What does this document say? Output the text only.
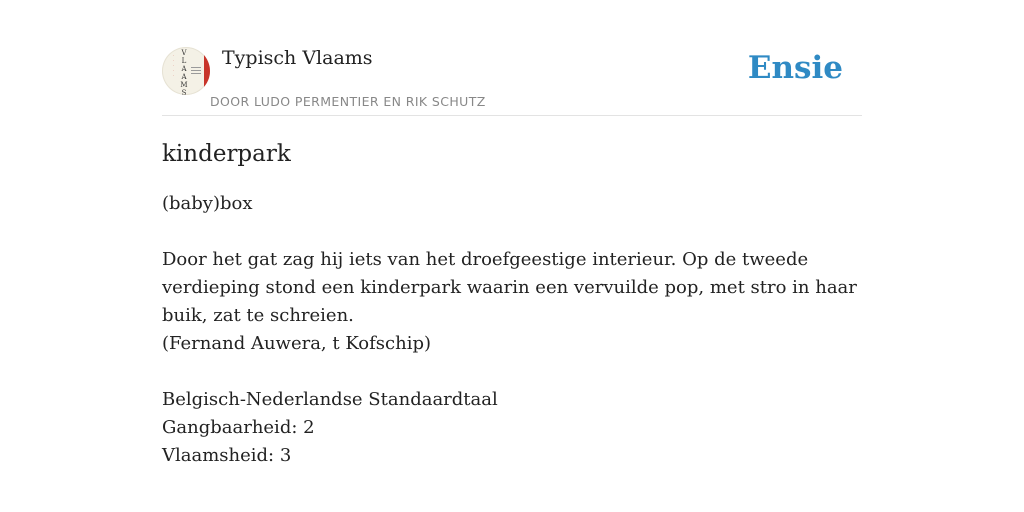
·
·
·
·
·
V
L
A
A
M
S
Typisch Vlaams
DOOR LUDO PERMENTIER EN RIK SCHUTZ
Ensie
kinderpark
(baby)box
Door het gat zag hij iets van het droefgeestige interieur. Op de tweede verdieping stond een kinderpark waarin een vervuilde pop, met stro in haar buik, zat te schreien.
(Fernand Auwera, t Kofschip)
Belgisch-Nederlandse Standaardtaal
Gangbaarheid: 2
Vlaamsheid: 3
